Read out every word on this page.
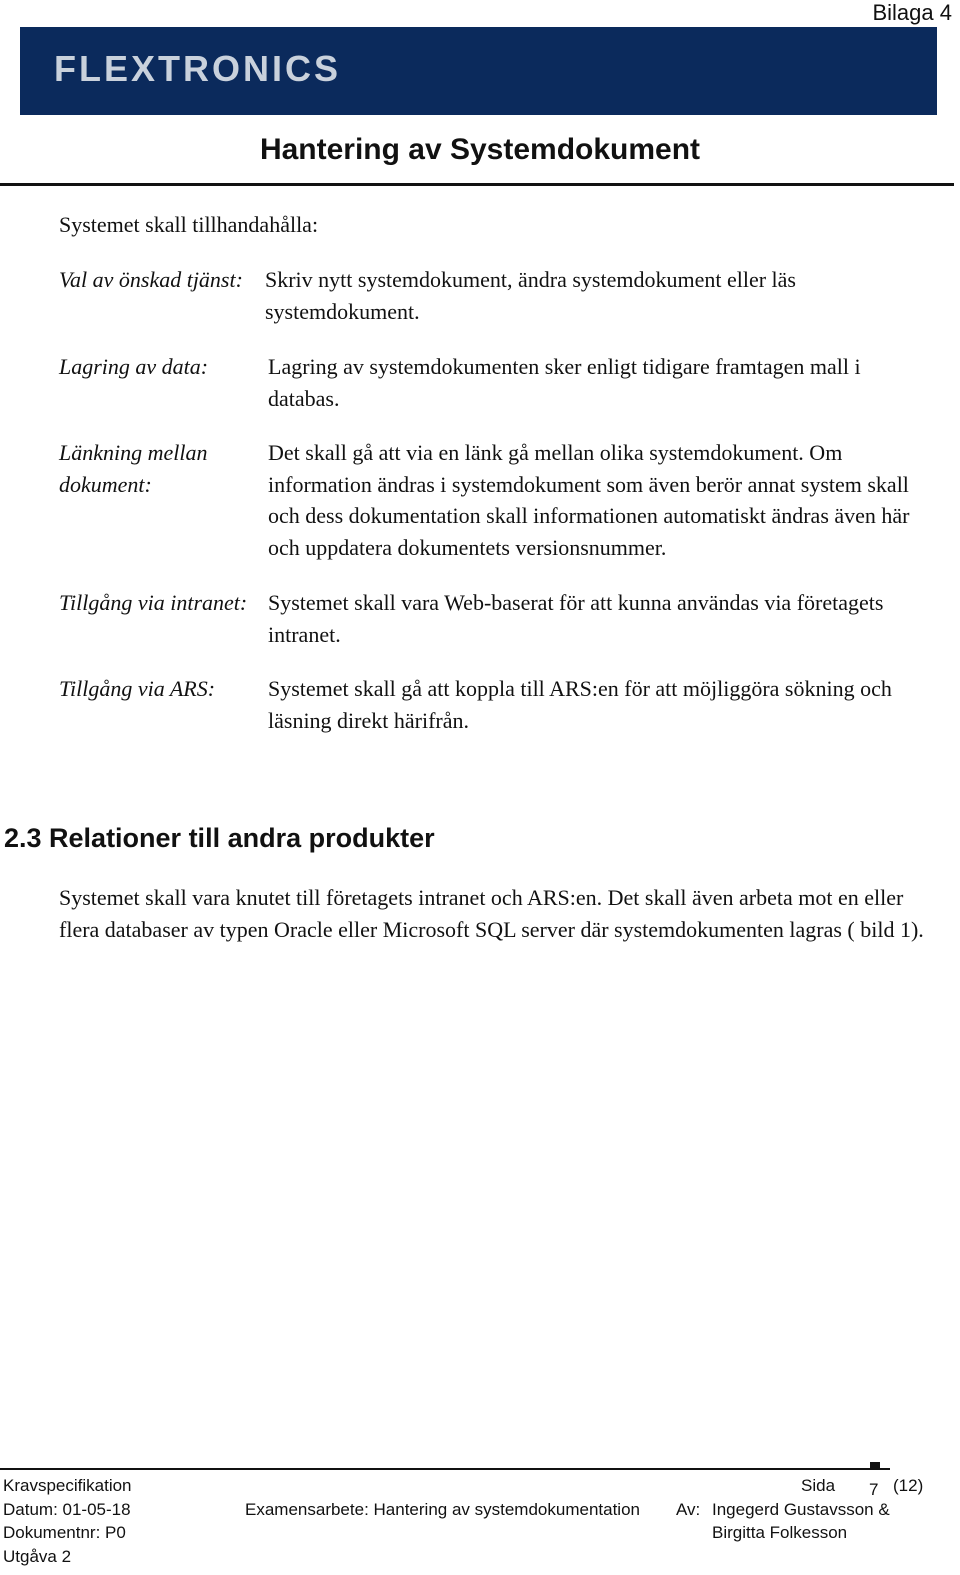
Bilaga 4
FLEXTRONICS
Hantering av Systemdokument
Systemet skall tillhandahålla:
Val av önskad tjänst: Skriv nytt systemdokument, ändra systemdokument eller läs systemdokument.
Lagring av data:	Lagring av systemdokumenten sker enligt tidigare framtagen mall i databas.
Länkning mellan dokument:
Det skall gå att via en länk gå mellan olika systemdokument. Om information ändras i systemdokument som även berör annat system skall och dess dokumentation skall informationen automatiskt ändras även här och uppdatera dokumentets versionsnummer.
Tillgång via intranet: Systemet skall vara Web-baserat för att kunna användas via företagets intranet.
Tillgång via ARS: Systemet skall gå att koppla till ARS:en för att möjliggöra sökning och läsning direkt härifrån.
2.3 Relationer till andra produkter
Systemet skall vara knutet till företagets intranet och ARS:en. Det skall även arbeta mot en eller flera databaser av typen Oracle eller Microsoft SQL server där systemdokumenten lagras ( bild 1).
Kravspecifikation
Datum: 01-05-18
Dokumentnr: P0
Utgåva 2
Examensarbete: Hantering av systemdokumentation
Sida 7 (12)
Av: Ingegerd Gustavsson &
Birgitta Folkesson
